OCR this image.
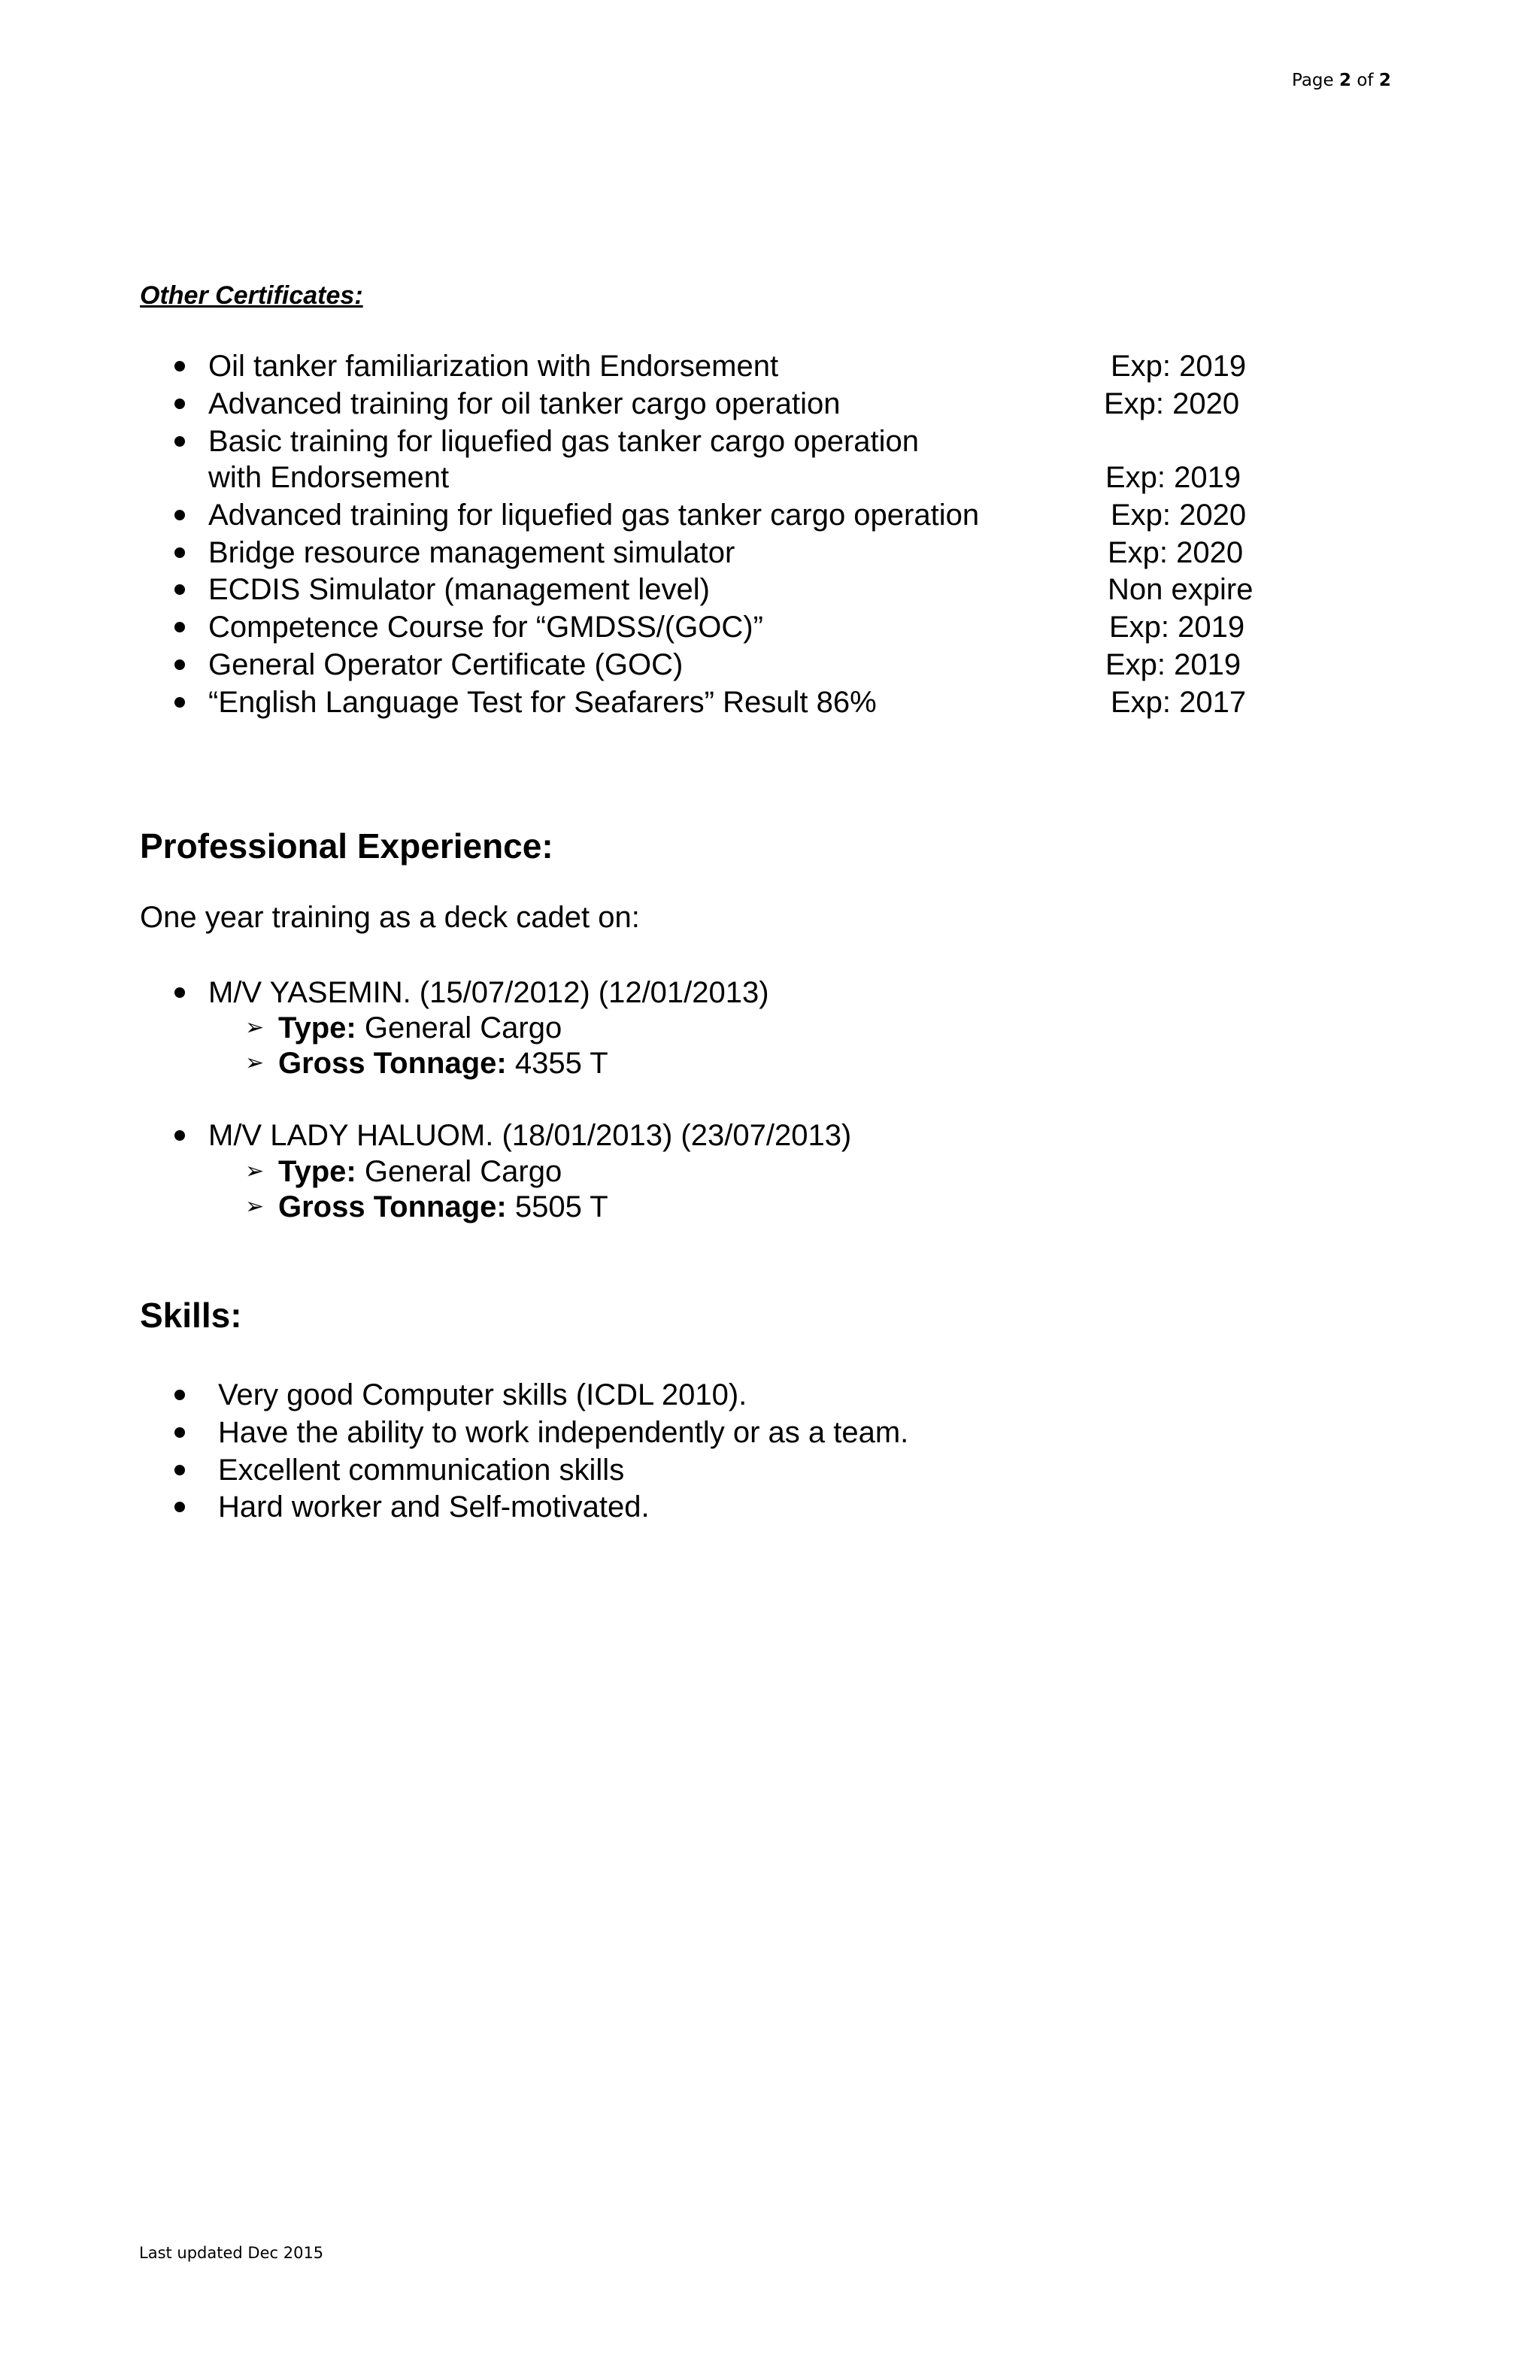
Page 2 of 2
Other Certificates:
Oil tanker familiarization with Endorsement	Exp: 2019
Advanced training for oil tanker cargo operation	Exp: 2020
Basic training for liquefied gas tanker cargo operation
with Endorsement	Exp: 2019
Advanced training for liquefied gas tanker cargo operation	Exp: 2020
Bridge resource management simulator	Exp: 2020
ECDIS Simulator (management level)	Non expire
Competence Course for “GMDSS/(GOC)”	Exp: 2019
General Operator Certificate (GOC)	Exp: 2019
“English Language Test for Seafarers” Result 86%	Exp: 2017
Professional Experience:
One year training as a deck cadet on:
M/V YASEMIN. (15/07/2012) (12/01/2013)
➢ Type: General Cargo
➢ Gross Tonnage: 4355 T
M/V LADY HALUOM. (18/01/2013) (23/07/2013)
➢ Type: General Cargo
➢ Gross Tonnage: 5505 T
Skills:
Very good Computer skills (ICDL 2010).
Have the ability to work independently or as a team.
Excellent communication skills
Hard worker and Self-motivated.
Last updated Dec 2015
